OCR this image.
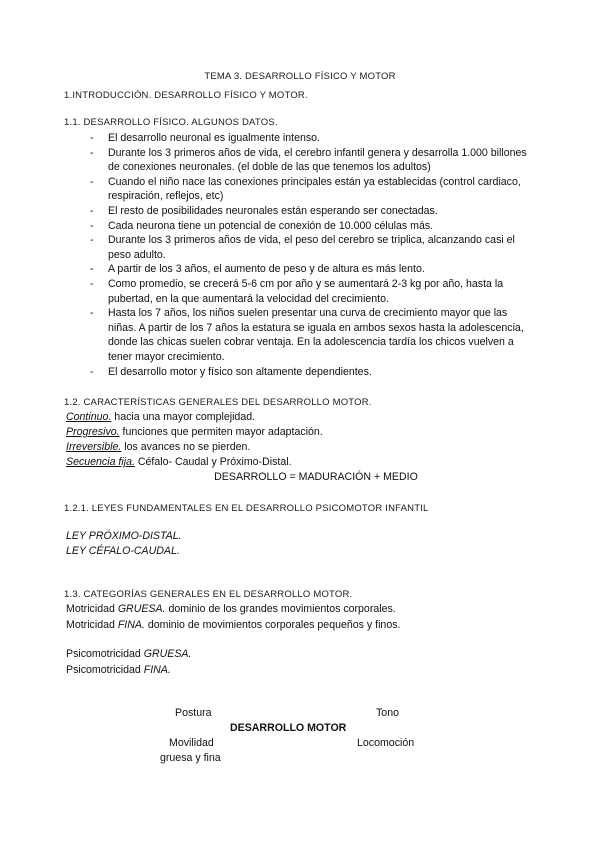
TEMA 3. DESARROLLO FÍSICO Y MOTOR
1.INTRODUCCIÓN. DESARROLLO FÍSICO Y MOTOR.
1.1. DESARROLLO FÍSICO. ALGUNOS DATOS.
- El desarrollo neuronal es igualmente intenso.
- Durante los 3 primeros años de vida, el cerebro infantil genera y desarrolla 1.000 billones de conexiones neuronales. (el doble de las que tenemos los adultos)
- Cuando el niño nace las conexiones principales están ya establecidas (control cardiaco, respiración, reflejos, etc)
- El resto de posibilidades neuronales están esperando ser conectadas.
- Cada neurona tiene un potencial de conexión de 10.000 células más.
- Durante los 3 primeros años de vida, el peso del cerebro se triplica, alcanzando casi el peso adulto.
- A partir de los 3 años, el aumento de peso y de altura es más lento.
- Como promedio, se crecerá 5-6 cm por año y se aumentará 2-3 kg por año, hasta la pubertad, en la que aumentará la velocidad del crecimiento.
- Hasta los 7 años, los niños suelen presentar una curva de crecimiento mayor que las niñas. A partir de los 7 años la estatura se iguala en ambos sexos hasta la adolescencia, donde las chicas suelen cobrar ventaja. En la adolescencia tardía los chicos vuelven a tener mayor crecimiento.
- El desarrollo motor y físico son altamente dependientes.
1.2. CARACTERÍSTICAS GENERALES DEL DESARROLLO MOTOR.
Continuo. hacia una mayor complejidad.
Progresivo. funciones que permiten mayor adaptación.
Irreversible. los avances no se pierden.
Secuencia fija. Céfalo- Caudal y Próximo-Distal.
DESARROLLO = MADURACIÓN + MEDIO
1.2.1. LEYES FUNDAMENTALES EN EL DESARROLLO PSICOMOTOR INFANTIL
LEY PRÓXIMO-DISTAL.
LEY CÉFALO-CAUDAL.
1.3. CATEGORÍAS GENERALES EN EL DESARROLLO MOTOR.
Motricidad GRUESA. dominio de los grandes movimientos corporales.
Motricidad FINA. dominio de movimientos corporales pequeños y finos.
Psicomotricidad GRUESA.
Psicomotricidad FINA.
Postura	Tono
DESARROLLO MOTOR
Movilidad
gruesa y fina
Locomoción
